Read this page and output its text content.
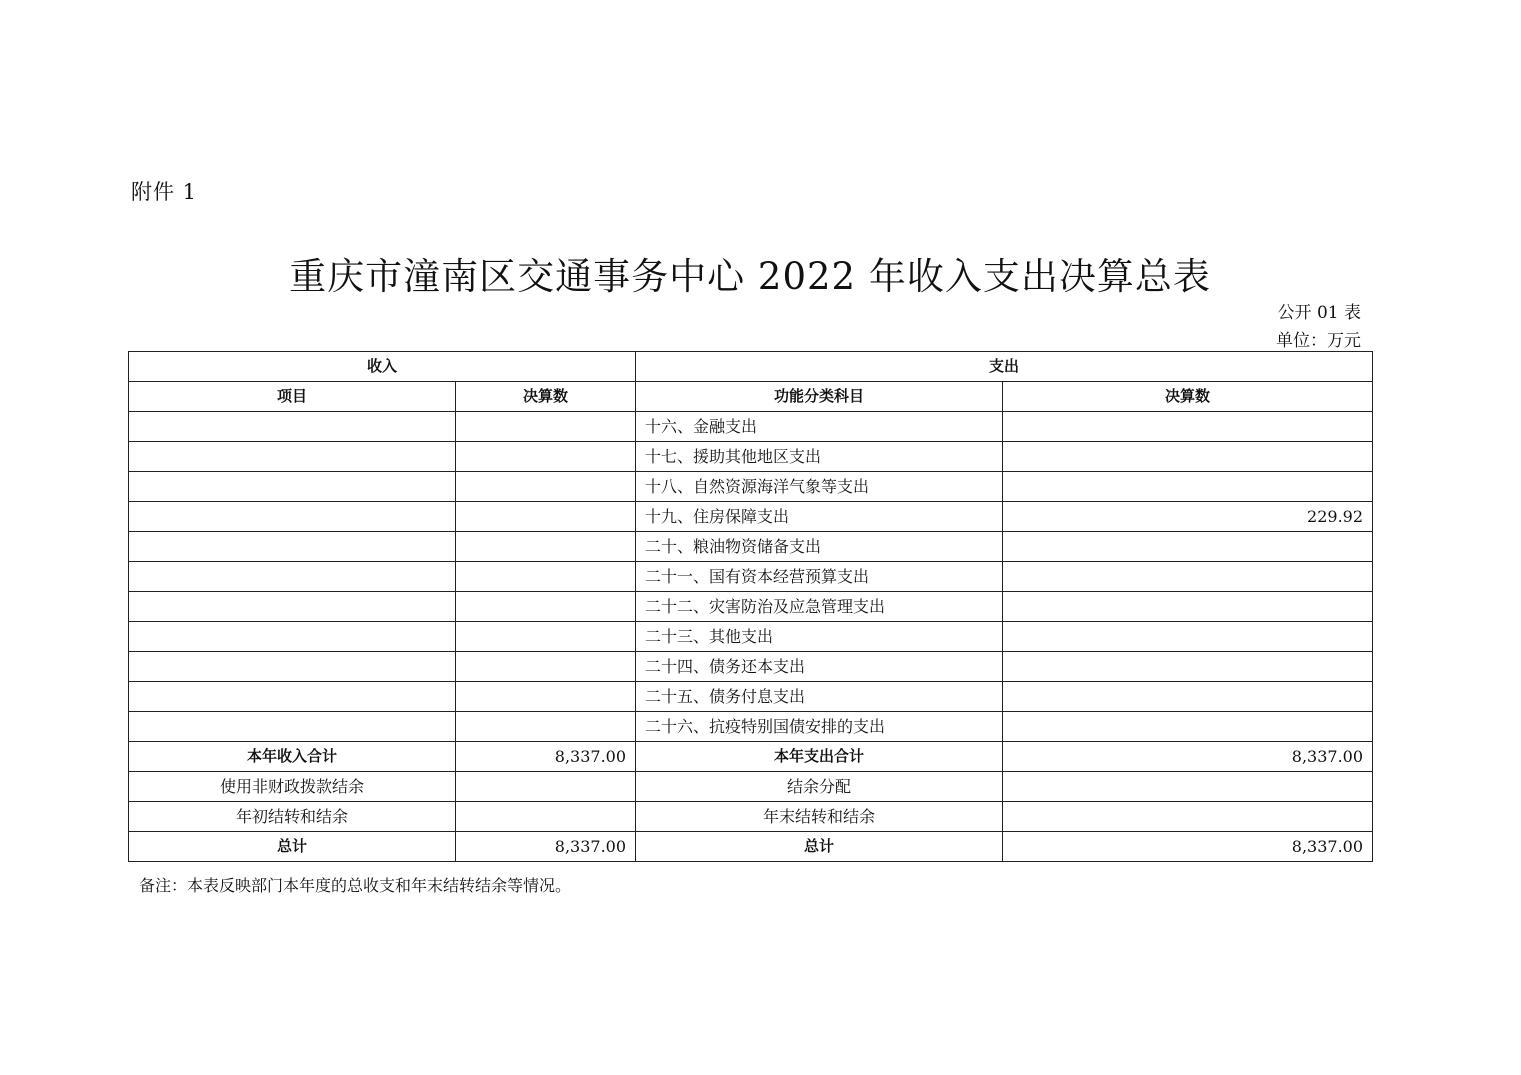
附件 1
重庆市潼南区交通事务中心 2022 年收入支出决算总表
公开 01 表
单位：万元
收入		支出	
项目	决算数	功能分类科目	决算数
		十六、金融支出	
		十七、援助其他地区支出	
		十八、自然资源海洋气象等支出	
		十九、住房保障支出	229.92
		二十、粮油物资储备支出	
		二十一、国有资本经营预算支出	
		二十二、灾害防治及应急管理支出	
		二十三、其他支出	
		二十四、债务还本支出	
		二十五、债务付息支出	
		二十六、抗疫特别国债安排的支出	
本年收入合计	8,337.00	本年支出合计	8,337.00
使用非财政拨款结余		结余分配	
年初结转和结余		年末结转和结余	
总计	8,337.00	总计	8,337.00
备注：本表反映部门本年度的总收支和年末结转结余等情况。
